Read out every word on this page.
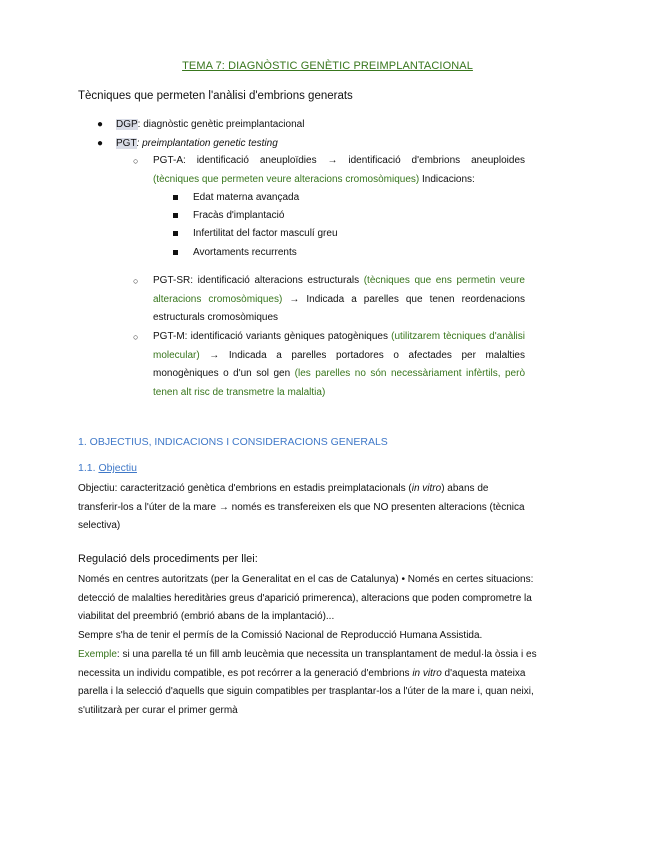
TEMA 7: DIAGNÒSTIC GENÈTIC PREIMPLANTACIONAL
Tècniques que permeten l'anàlisi d'embrions generats
● DGP: diagnòstic genètic preimplantacional
● PGT: preimplantation genetic testing
○ PGT-A: identificació aneuploïdies → identificació d'embrions aneuploides (tècniques que permeten veure alteracions cromosòmiques) Indicacions:
Edat materna avançada
Fracàs d'implantació
Infertilitat del factor masculí greu
Avortaments recurrents
○ PGT-SR: identificació alteracions estructurals (tècniques que ens permetin veure alteracions cromosòmiques) → Indicada a parelles que tenen reordenacions estructurals cromosòmiques
○ PGT-M: identificació variants gèniques patogèniques (utilitzarem tècniques d'anàlisi molecular) → Indicada a parelles portadores o afectades per malalties monogèniques o d'un sol gen (les parelles no són necessàriament infèrtils, però tenen alt risc de transmetre la malaltia)
1. OBJECTIUS, INDICACIONS I CONSIDERACIONS GENERALS
1.1. Objectiu
Objectiu: caracterització genètica d'embrions en estadis preimplatacionals (in vitro) abans de
transferir-los a l'úter de la mare → només es transfereixen els que NO presenten alteracions (tècnica
selectiva)
Regulació dels procediments per llei:
Només en centres autoritzats (per la Generalitat en el cas de Catalunya) • Només en certes situacions:
detecció de malalties hereditàries greus d'aparició primerenca), alteracions que poden comprometre la
viabilitat del preembrió (embrió abans de la implantació)...
Sempre s'ha de tenir el permís de la Comissió Nacional de Reproducció Humana Assistida.
Exemple: si una parella té un fill amb leucèmia que necessita un transplantament de medul·la òssia i es
necessita un individu compatible, es pot recórrer a la generació d'embrions in vitro d'aquesta mateixa
parella i la selecció d'aquells que siguin compatibles per trasplantar-los a l'úter de la mare i, quan neixi,
s'utilitzarà per curar el primer germà
